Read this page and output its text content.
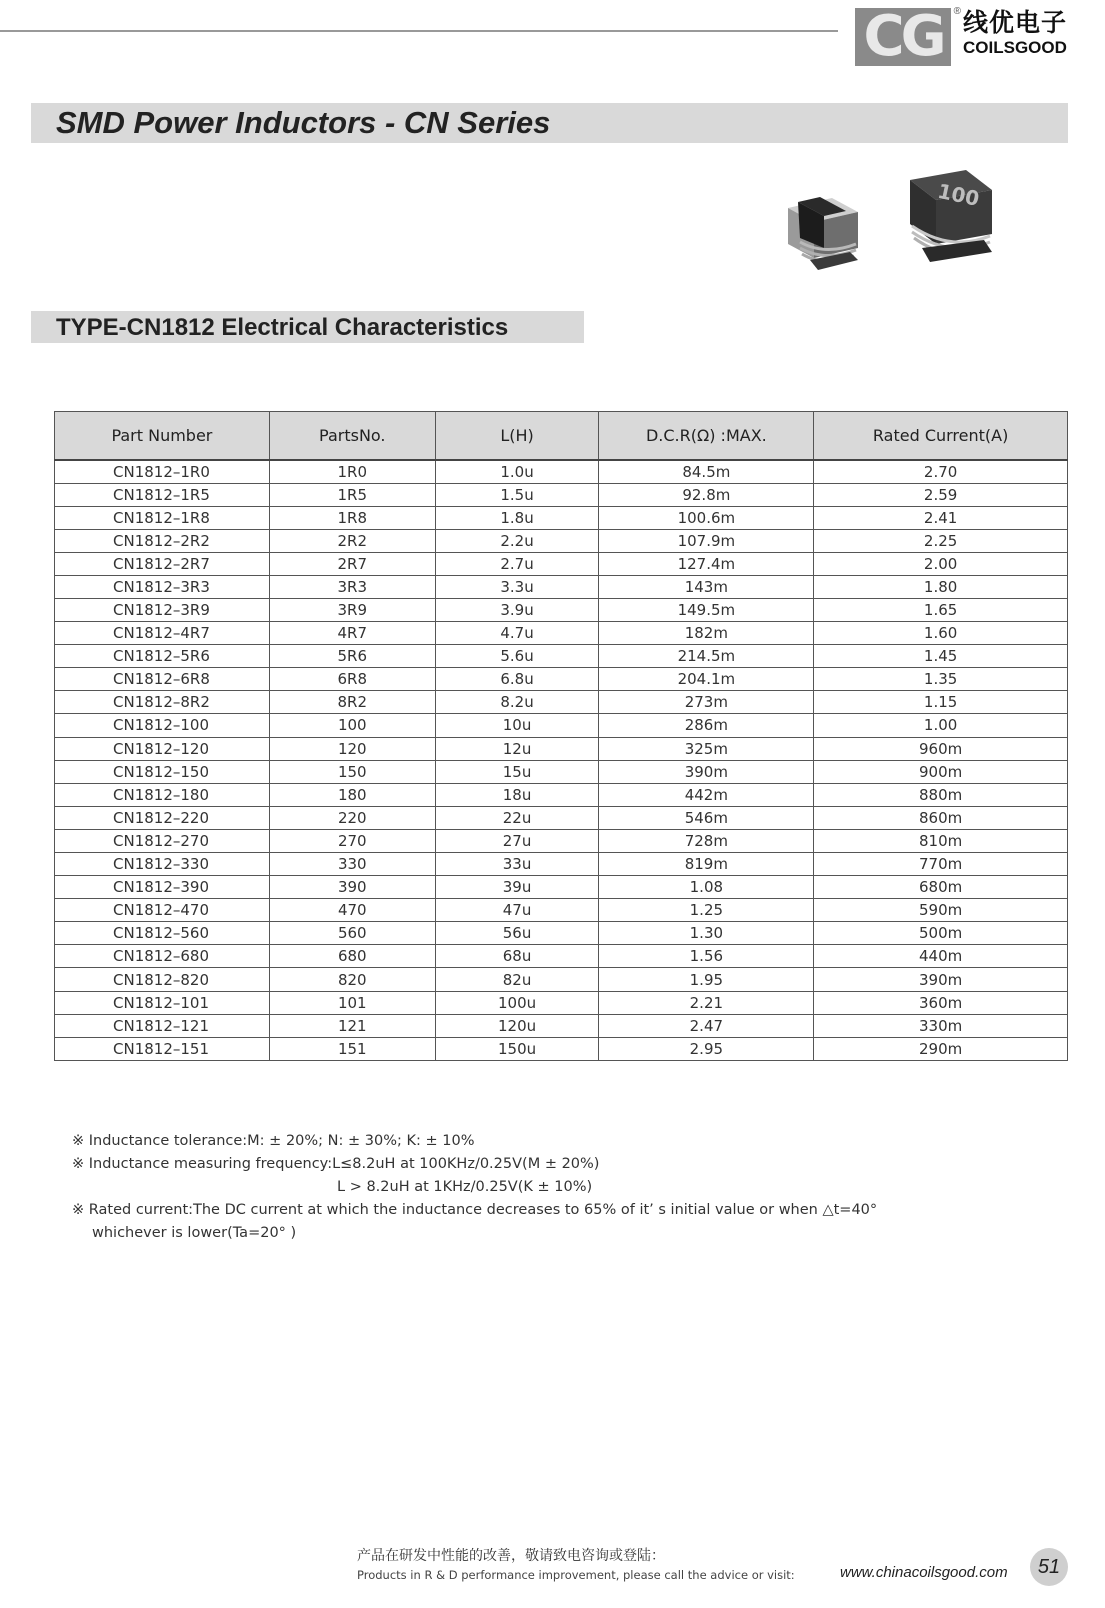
CG ® 线优电子
COILSGOOD
SMD Power Inductors - CN Series
100
TYPE-CN1812 Electrical Characteristics
Part Number	PartsNo.	L(H)	D.C.R(Ω) :MAX.	Rated Current(A)
CN1812–1R0	1R0	1.0u	84.5m	2.70
CN1812–1R5	1R5	1.5u	92.8m	2.59
CN1812–1R8	1R8	1.8u	100.6m	2.41
CN1812–2R2	2R2	2.2u	107.9m	2.25
CN1812–2R7	2R7	2.7u	127.4m	2.00
CN1812–3R3	3R3	3.3u	143m	1.80
CN1812–3R9	3R9	3.9u	149.5m	1.65
CN1812–4R7	4R7	4.7u	182m	1.60
CN1812–5R6	5R6	5.6u	214.5m	1.45
CN1812–6R8	6R8	6.8u	204.1m	1.35
CN1812–8R2	8R2	8.2u	273m	1.15
CN1812–100	100	10u	286m	1.00
CN1812–120	120	12u	325m	960m
CN1812–150	150	15u	390m	900m
CN1812–180	180	18u	442m	880m
CN1812–220	220	22u	546m	860m
CN1812–270	270	27u	728m	810m
CN1812–330	330	33u	819m	770m
CN1812–390	390	39u	1.08	680m
CN1812–470	470	47u	1.25	590m
CN1812–560	560	56u	1.30	500m
CN1812–680	680	68u	1.56	440m
CN1812–820	820	82u	1.95	390m
CN1812–101	101	100u	2.21	360m
CN1812–121	121	120u	2.47	330m
CN1812–151	151	150u	2.95	290m
※ Inductance tolerance:M: ± 20%; N: ± 30%; K: ± 10%
※ Inductance measuring frequency:L≤8.2uH at 100KHz/0.25V(M ± 20%)
L > 8.2uH at 1KHz/0.25V(K ± 10%)
※ Rated current:The DC current at which the inductance decreases to 65% of it’ s initial value or when △t=40°
whichever is lower(Ta=20° )
产品在研发中性能的改善，敬请致电咨询或登陆：
Products in R & D performance improvement, please call the advice or visit:	www.chinacoilsgood.com	51
